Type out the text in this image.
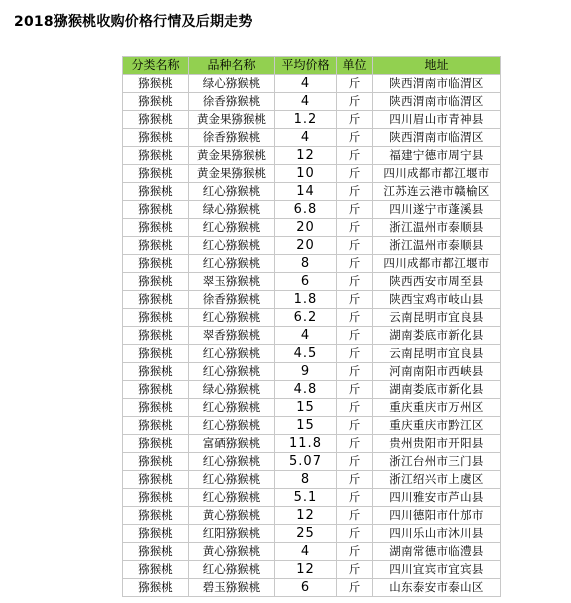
2018猕猴桃收购价格行情及后期走势
分类名称	品种名称	平均价格	单位	地址
猕猴桃	绿心猕猴桃	4	斤	陕西渭南市临渭区
猕猴桃	徐香猕猴桃	4	斤	陕西渭南市临渭区
猕猴桃	黄金果猕猴桃	1.2	斤	四川眉山市青神县
猕猴桃	徐香猕猴桃	4	斤	陕西渭南市临渭区
猕猴桃	黄金果猕猴桃	12	斤	福建宁德市周宁县
猕猴桃	黄金果猕猴桃	10	斤	四川成都市都江堰市
猕猴桃	红心猕猴桃	14	斤	江苏连云港市赣榆区
猕猴桃	绿心猕猴桃	6.8	斤	四川遂宁市蓬溪县
猕猴桃	红心猕猴桃	20	斤	浙江温州市泰顺县
猕猴桃	红心猕猴桃	20	斤	浙江温州市泰顺县
猕猴桃	红心猕猴桃	8	斤	四川成都市都江堰市
猕猴桃	翠玉猕猴桃	6	斤	陕西西安市周至县
猕猴桃	徐香猕猴桃	1.8	斤	陕西宝鸡市岐山县
猕猴桃	红心猕猴桃	6.2	斤	云南昆明市宜良县
猕猴桃	翠香猕猴桃	4	斤	湖南娄底市新化县
猕猴桃	红心猕猴桃	4.5	斤	云南昆明市宜良县
猕猴桃	红心猕猴桃	9	斤	河南南阳市西峡县
猕猴桃	绿心猕猴桃	4.8	斤	湖南娄底市新化县
猕猴桃	红心猕猴桃	15	斤	重庆重庆市万州区
猕猴桃	红心猕猴桃	15	斤	重庆重庆市黔江区
猕猴桃	富硒猕猴桃	11.8	斤	贵州贵阳市开阳县
猕猴桃	红心猕猴桃	5.07	斤	浙江台州市三门县
猕猴桃	红心猕猴桃	8	斤	浙江绍兴市上虞区
猕猴桃	红心猕猴桃	5.1	斤	四川雅安市芦山县
猕猴桃	黄心猕猴桃	12	斤	四川德阳市什邡市
猕猴桃	红阳猕猴桃	25	斤	四川乐山市沐川县
猕猴桃	黄心猕猴桃	4	斤	湖南常德市临澧县
猕猴桃	红心猕猴桃	12	斤	四川宜宾市宜宾县
猕猴桃	碧玉猕猴桃	6	斤	山东泰安市泰山区
